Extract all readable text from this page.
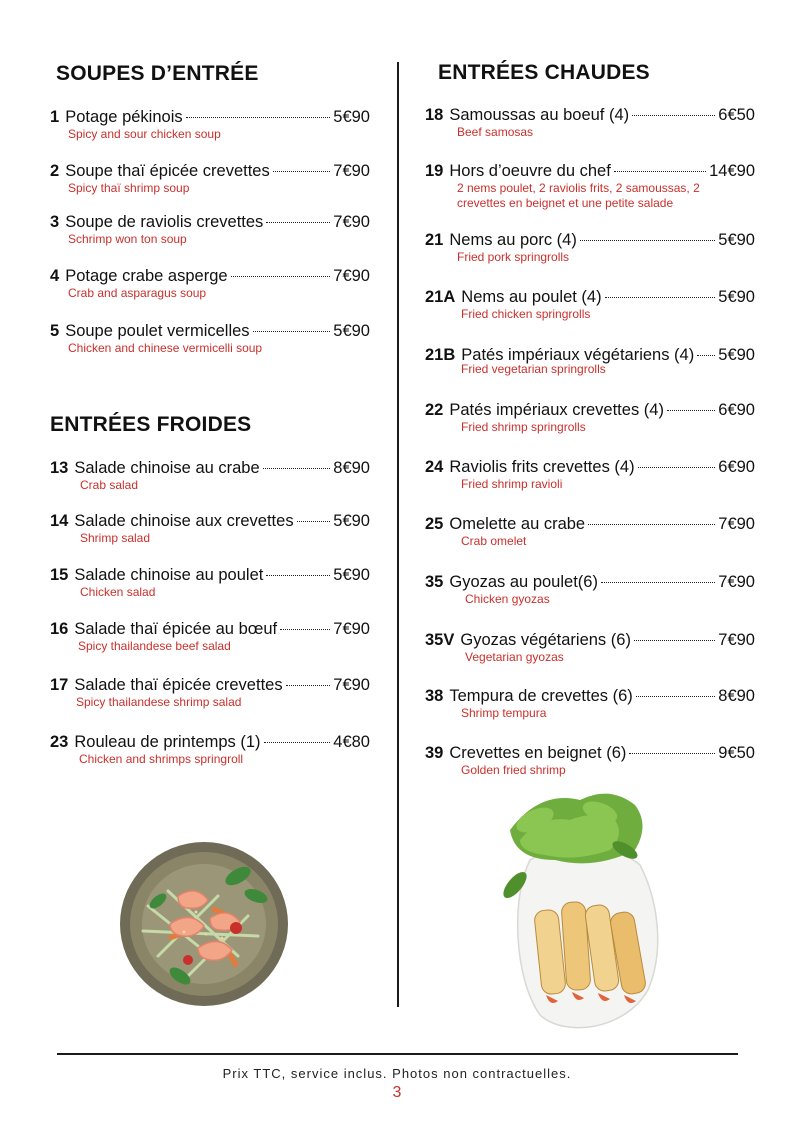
SOUPES D’ENTRÉE
1 Potage pékinois	5€90
Spicy and sour chicken soup
2 Soupe thaï épicée crevettes	7€90
Spicy thaï shrimp soup
3 Soupe de raviolis crevettes	7€90
Schrimp won ton soup
4 Potage crabe asperge	7€90
Crab and asparagus soup
5 Soupe poulet vermicelles	5€90
Chicken and chinese vermicelli soup
ENTRÉES FROIDES
13 Salade chinoise au crabe	8€90
Crab salad
14 Salade chinoise aux crevettes 5€90
Shrimp salad
15 Salade chinoise au poulet	5€90
Chicken salad
16 Salade thaï épicée au bœuf	7€90
Spicy thailandese beef salad
17 Salade thaï épicée crevettes	7€90
Spicy thailandese shrimp salad
23 Rouleau de printemps (1)	4€80
Chicken and shrimps springroll
ENTRÉES CHAUDES
18 Samoussas au boeuf (4)	6€50
Beef samosas
19 Hors d’oeuvre du chef	14€90
2 nems poulet, 2 raviolis frits, 2 samoussas, 2 crevettes en beignet et une petite salade
21 Nems au porc (4)	5€90
Fried pork springrolls
21A Nems au poulet (4)	5€90
Fried chicken springrolls
21B Patés impériaux végétariens (4) 5€90
Fried vegetarian springrolls
22 Patés impériaux crevettes (4)	6€90
Fried shrimp springrolls
24 Raviolis frits crevettes (4)	6€90
Fried shrimp ravioli
25 Omelette au crabe	7€90
Crab omelet
35 Gyozas au poulet(6)	7€90
Chicken gyozas
35V Gyozas végétariens (6)	7€90
Vegetarian gyozas
38 Tempura de crevettes (6)	8€90
Shrimp tempura
39 Crevettes en beignet (6)	9€50
Golden fried shrimp
Prix TTC, service inclus. Photos non contractuelles.
3
